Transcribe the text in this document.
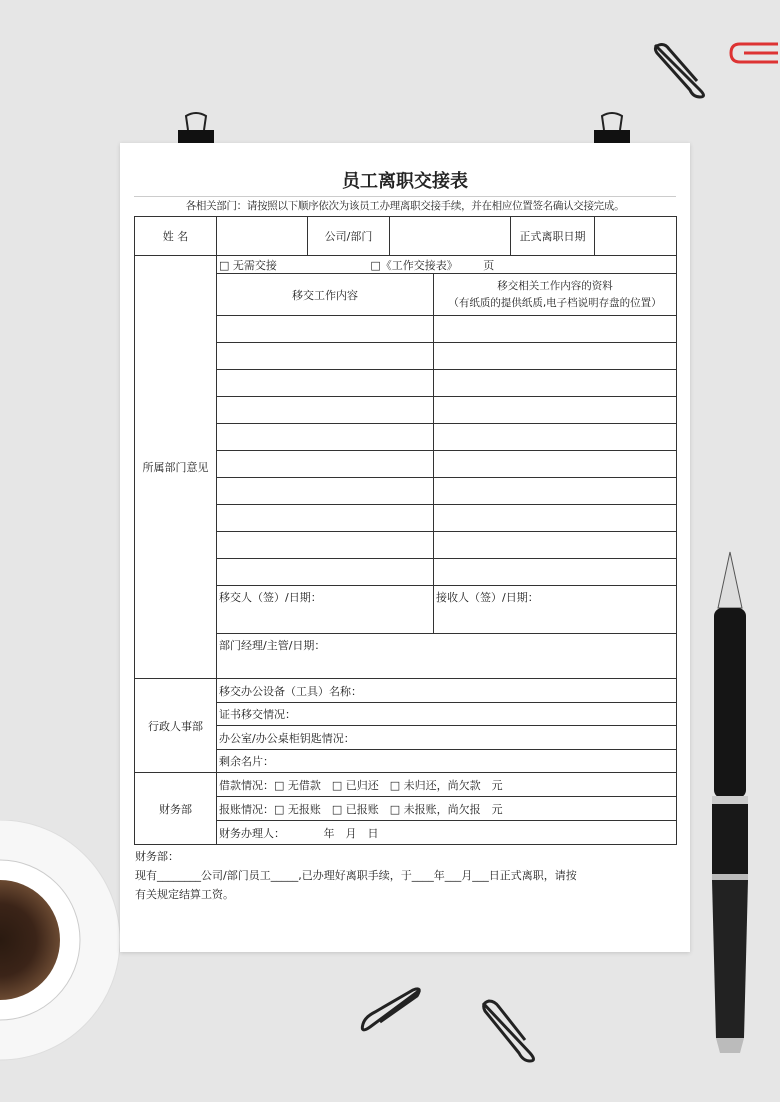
员工离职交接表
各相关部门：请按照以下顺序依次为该员工办理离职交接手续，并在相应位置签名确认交接完成。
姓 名		公司/部门		正式离职日期	
所属部门意见	□ 无需交接 □《工作交接表》 页	
	移交工作内容	移交相关工作内容的资料
（有纸质的提供纸质,电子档说明存盘的位置）

	移交人（签）/日期：	接收人（签）/日期：
	部门经理/主管/日期：	
行政人事部	移交办公设备（工具）名称：
证书移交情况：
办公室/办公桌柜钥匙情况：
剩余名片：
财务部	借款情况：□ 无借款　□ 已归还　□ 未归还，尚欠款　元
报账情况：□ 无报账　□ 已报账　□ 未报账，尚欠报　元
财务办理人：　　　　年　月　日
财务部：
现有________公司/部门员工_____,已办理好离职手续，于____年___月___日正式离职，请按
有关规定结算工资。
